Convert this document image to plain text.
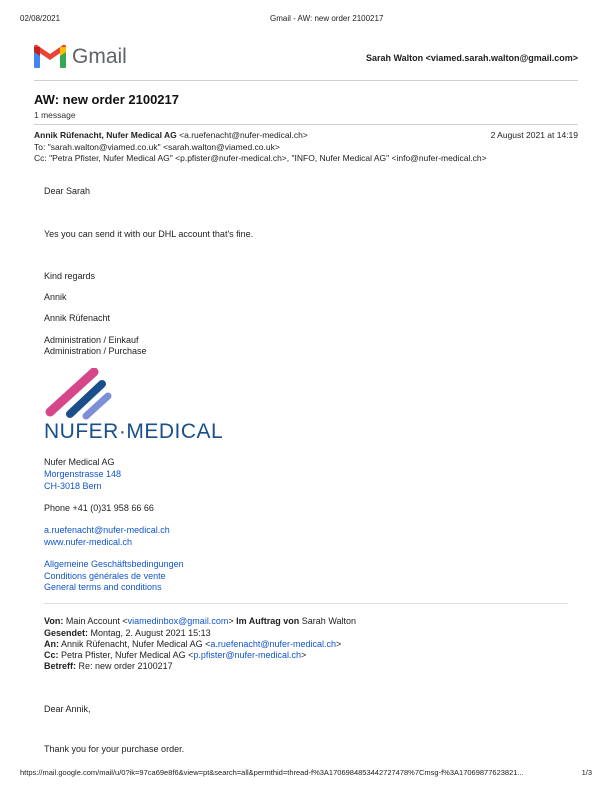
02/08/2021	Gmail - AW: new order 2100217
Gmail	Sarah Walton <viamed.sarah.walton@gmail.com>
AW: new order 2100217
1 message
Annik Rüfenacht, Nufer Medical AG <a.ruefenacht@nufer-medical.ch>	2 August 2021 at 14:19
To: "sarah.walton@viamed.co.uk" <sarah.walton@viamed.co.uk>
Cc: "Petra Pfister, Nufer Medical AG" <p.pfister@nufer-medical.ch>, "INFO, Nufer Medical AG" <info@nufer-medical.ch>
Dear Sarah
Yes you can send it with our DHL account that's fine.
Kind regards
Annik
Annik Rüfenacht
Administration / Einkauf
Administration / Purchase
NUFER·MEDICAL
Nufer Medical AG
Morgenstrasse 148
CH-3018 Bern
Phone +41 (0)31 958 66 66
a.ruefenacht@nufer-medical.ch
www.nufer-medical.ch
Allgemeine Geschäftsbedingungen
Conditions générales de vente
General terms and conditions
Von: Main Account <viamedinbox@gmail.com> Im Auftrag von Sarah Walton
Gesendet: Montag, 2. August 2021 15:13
An: Annik Rüfenacht, Nufer Medical AG <a.ruefenacht@nufer-medical.ch>
Cc: Petra Pfister, Nufer Medical AG <p.pfister@nufer-medical.ch>
Betreff: Re: new order 2100217
Dear Annik,
Thank you for your purchase order.
https://mail.google.com/mail/u/0?ik=97ca69e8f6&view=pt&search=all&permthid=thread-f%3A1706984853442727478%7Cmsg-f%3A17069877623821...	1/3
